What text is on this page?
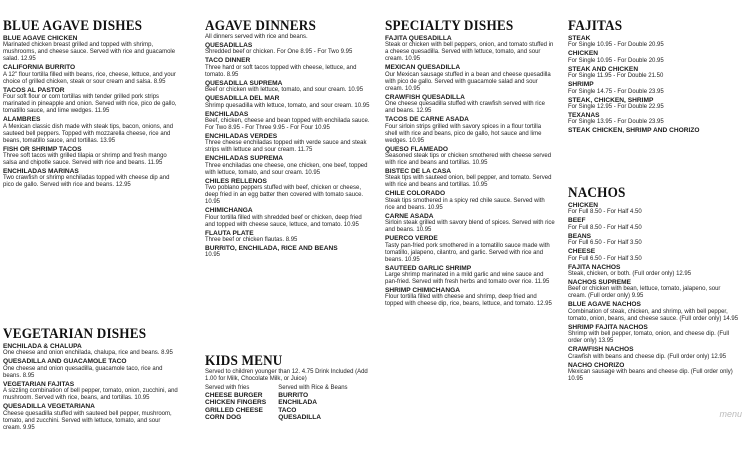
BLUE AGAVE DISHES
BLUE AGAVE CHICKEN
Marinated chicken breast grilled and topped with shrimp, mushrooms, and cheese sauce. Served with rice and guacamole salad. 12.95
CALIFORNIA BURRITO
A 12" flour tortilla filled with beans, rice, cheese, lettuce, and your choice of grilled chicken, steak or sour cream and salsa. 8.95
TACOS AL PASTOR
Four soft flour or corn tortillas with tender grilled pork strips marinated in pineapple and onion. Served with rice, pico de gallo, tomatillo sauce, and lime wedges. 11.95
ALAMBRES
A Mexican classic dish made with steak tips, bacon, onions, and sauteed bell peppers. Topped with mozzarella cheese, rice and beans, tomatillo sauce, and tortillas. 13.95
FISH OR SHRIMP TACOS
Three soft tacos with grilled tilapia or shrimp and fresh mango salsa and chipotle sauce. Served with rice and beans. 11.95
ENCHILADAS MARINAS
Two crawfish or shrimp enchiladas topped with cheese dip and pico de gallo. Served with rice and beans. 12.95
VEGETARIAN DISHES
ENCHILADA & CHALUPA
One cheese and onion enchilada, chalupa, rice and beans. 8.95
QUESADILLA AND GUACAMOLE TACO
One cheese and onion quesadilla, guacamole taco, rice and beans. 8.95
VEGETARIAN FAJITAS
A sizzling combination of bell pepper, tomato, onion, zucchini, and mushroom. Served with rice, beans, and tortillas. 10.95
QUESADILLA VEGETARIANA
Cheese quesadilla stuffed with sauteed bell pepper, mushroom, tomato, and zucchini. Served with lettuce, tomato, and sour cream. 9.95
AGAVE DINNERS
All dinners served with rice and beans.
QUESADILLAS
Shredded beef or chicken. For One 8.95 - For Two 9.95
TACO DINNER
Three hard or soft tacos topped with cheese, lettuce, and tomato. 8.95
QUESADILLA SUPREMA
Beef or chicken with lettuce, tomato, and sour cream. 10.95
QUESADILLA DEL MAR
Shrimp quesadilla with lettuce, tomato, and sour cream. 10.95
ENCHILADAS
Beef, chicken, cheese and bean topped with enchilada sauce. For Two 8.95 - For Three 9.95 - For Four 10.95
ENCHILADAS VERDES
Three cheese enchiladas topped with verde sauce and steak strips with lettuce and sour cream. 11.75
ENCHILADAS SUPREMA
Three enchiladas one cheese, one chicken, one beef, topped with lettuce, tomato, and sour cream. 10.95
CHILES RELLENOS
Two poblano peppers stuffed with beef, chicken or cheese, deep fried in an egg batter then covered with tomato sauce. 10.95
CHIMICHANGA
Flour tortilla filled with shredded beef or chicken, deep fried and topped with cheese sauce, lettuce, and tomato. 10.95
FLAUTA PLATE
Three beef or chicken flautas. 8.95
BURRITO, ENCHILADA, RICE AND BEANS
10.95
KIDS MENU
Served to children younger than 12. 4.75 Drink Included (Add 1.00 for Milk, Chocolate Milk, or Juice)
Served with fries
CHEESE BURGER
CHICKEN FINGERS
GRILLED CHEESE
CORN DOG
Served with Rice & Beans
BURRITO
ENCHILADA
TACO
QUESADILLA
SPECIALTY DISHES
FAJITA QUESADILLA
Steak or chicken with bell peppers, onion, and tomato stuffed in a cheese quesadilla. Served with lettuce, tomato, and sour cream. 10.95
MEXICAN QUESADILLA
Our Mexican sausage stuffed in a bean and cheese quesadilla with pico de gallo. Served with guacamole salad and sour cream. 10.95
CRAWFISH QUESADILLA
One cheese quesadilla stuffed with crawfish served with rice and beans. 12.95
TACOS DE CARNE ASADA
Four sirloin strips grilled with savory spices in a flour tortilla shell with rice and beans, pico de gallo, hot sauce and lime wedges. 10.95
QUESO FLAMEADO
Seasoned steak tips or chicken smothered with cheese served with rice and beans and tortillas. 10.95
BISTEC DE LA CASA
Steak tips with sauteed onion, bell pepper, and tomato. Served with rice and beans and tortillas. 10.95
CHILE COLORADO
Steak tips smothered in a spicy red chile sauce. Served with rice and beans. 10.95
CARNE ASADA
Sirloin steak grilled with savory blend of spices. Served with rice and beans. 10.95
PUERCO VERDE
Tasty pan-fried pork smothered in a tomatillo sauce made with tomatillo, jalapeno, cilantro, and garlic. Served with rice and beans. 10.95
SAUTEED GARLIC SHRIMP
Large shrimp marinated in a mild garlic and wine sauce and pan-fried. Served with fresh herbs and tomato over rice. 11.95
SHRIMP CHIMICHANGA
Flour tortilla filled with cheese and shrimp, deep fried and topped with cheese dip, rice, beans, lettuce, and tomato. 12.95
FAJITAS
STEAK
For Single 10.95 - For Double 20.95
CHICKEN
For Single 10.95 - For Double 20.95
STEAK AND CHICKEN
For Single 11.95 - For Double 21.50
SHRIMP
For Single 14.75 - For Double 23.95
STEAK, CHICKEN, SHRIMP
For Single 12.95 - For Double 22.95
TEXANAS
For Single 13.95 - For Double 23.95
STEAK CHICKEN, SHRIMP AND CHORIZO
NACHOS
CHICKEN
For Full 8.50 - For Half 4.50
BEEF
For Full 8.50 - For Half 4.50
BEANS
For Full 6.50 - For Half 3.50
CHEESE
For Full 6.50 - For Half 3.50
FAJITA NACHOS
Steak, chicken, or both. (Full order only) 12.95
NACHOS SUPREME
Beef or chicken with bean, lettuce, tomato, jalapeno, sour cream. (Full order only) 9.95
BLUE AGAVE NACHOS
Combination of steak, chicken, and shrimp, with bell pepper, tomato, onion, beans, and cheese sauce. (Full order only) 14.95
SHRIMP FAJITA NACHOS
Shrimp with bell pepper, tomato, onion, and cheese dip. (Full order only) 13.95
CRAWFISH NACHOS
Crawfish with beans and cheese dip. (Full order only) 12.95
NACHO CHORIZO
Mexican sausage with beans and cheese dip. (Full order only) 10.95
menu
